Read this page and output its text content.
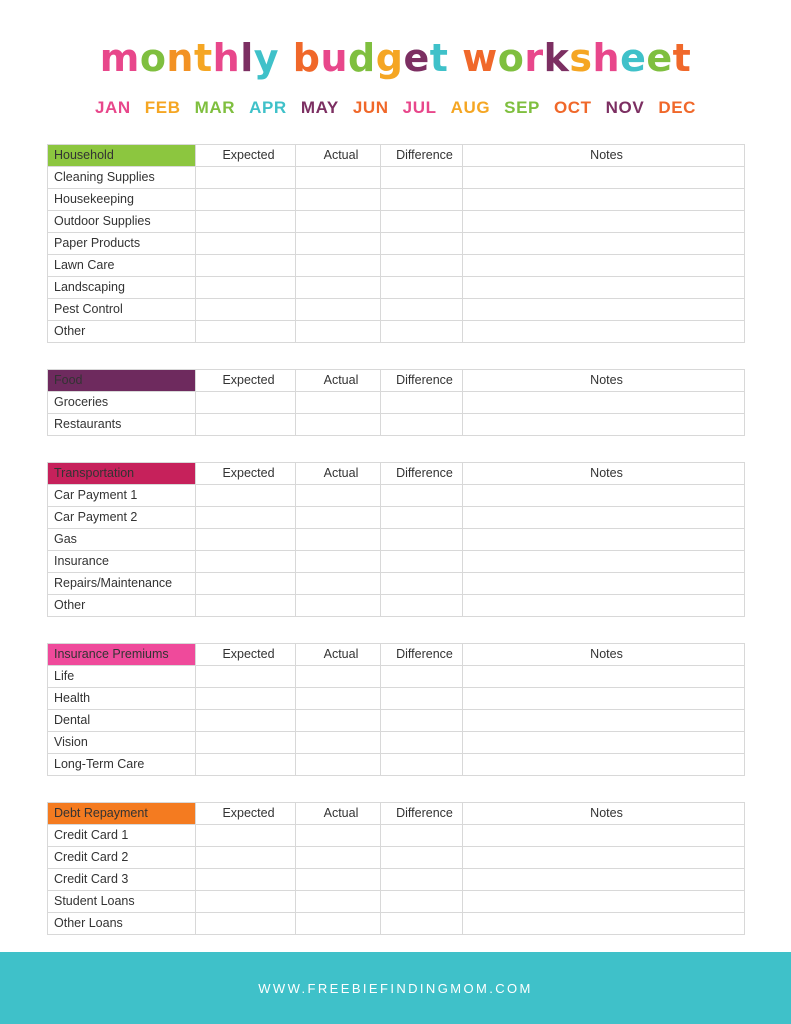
monthly budget worksheet
JAN FEB MAR APR MAY JUN JUL AUG SEP OCT NOV DEC
Household	Expected	Actual	Difference	Notes
Cleaning Supplies				
Housekeeping				
Outdoor Supplies				
Paper Products				
Lawn Care				
Landscaping				
Pest Control				
Other				
Food	Expected	Actual	Difference	Notes
Groceries				
Restaurants				
Transportation	Expected	Actual	Difference	Notes
Car Payment 1				
Car Payment 2				
Gas				
Insurance				
Repairs/Maintenance				
Other				
Insurance Premiums	Expected	Actual	Difference	Notes
Life				
Health				
Dental				
Vision				
Long-Term Care				
Debt Repayment	Expected	Actual	Difference	Notes
Credit Card 1				
Credit Card 2				
Credit Card 3				
Student Loans				
Other Loans				
WWW.FREEBIEFINDINGMOM.COM
